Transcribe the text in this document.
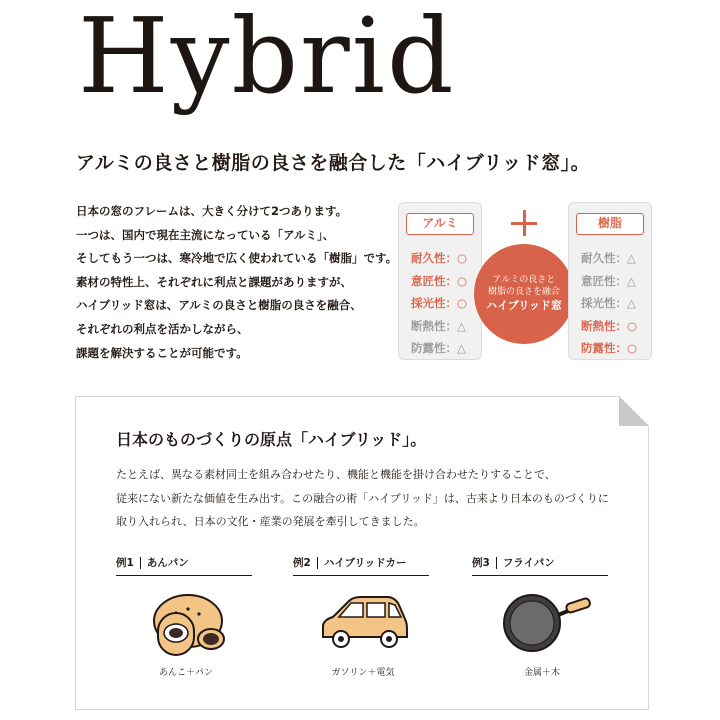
Hybrid
アルミの良さと樹脂の良さを融合した「ハイブリッド窓」。
日本の窓のフレームは、大きく分けて2つあります。
一つは、国内で現在主流になっている「アルミ」、
そしてもう一つは、寒冷地で広く使われている「樹脂」です。
素材の特性上、それぞれに利点と課題がありますが、
ハイブリッド窓は、アルミの良さと樹脂の良さを融合、
それぞれの利点を活かしながら、
課題を解決することが可能です。
アルミ
耐久性：○
意匠性：○
採光性：○
断熱性：△
防露性：△
アルミの良さと
樹脂の良さを融合
ハイブリッド窓
樹脂
耐久性：△
意匠性：△
採光性：△
断熱性：○
防露性：○
日本のものづくりの原点「ハイブリッド」。
たとえば、異なる素材同士を組み合わせたり、機能と機能を掛け合わせたりすることで、
従来にない新たな価値を生み出す。この融合の術「ハイブリッド」は、古来より日本のものづくりに
取り入れられ、日本の文化・産業の発展を牽引してきました。
例1 あんパン
あんこ＋パン
例2 ハイブリッドカー
ガソリン＋電気
例3 フライパン
金属＋木
